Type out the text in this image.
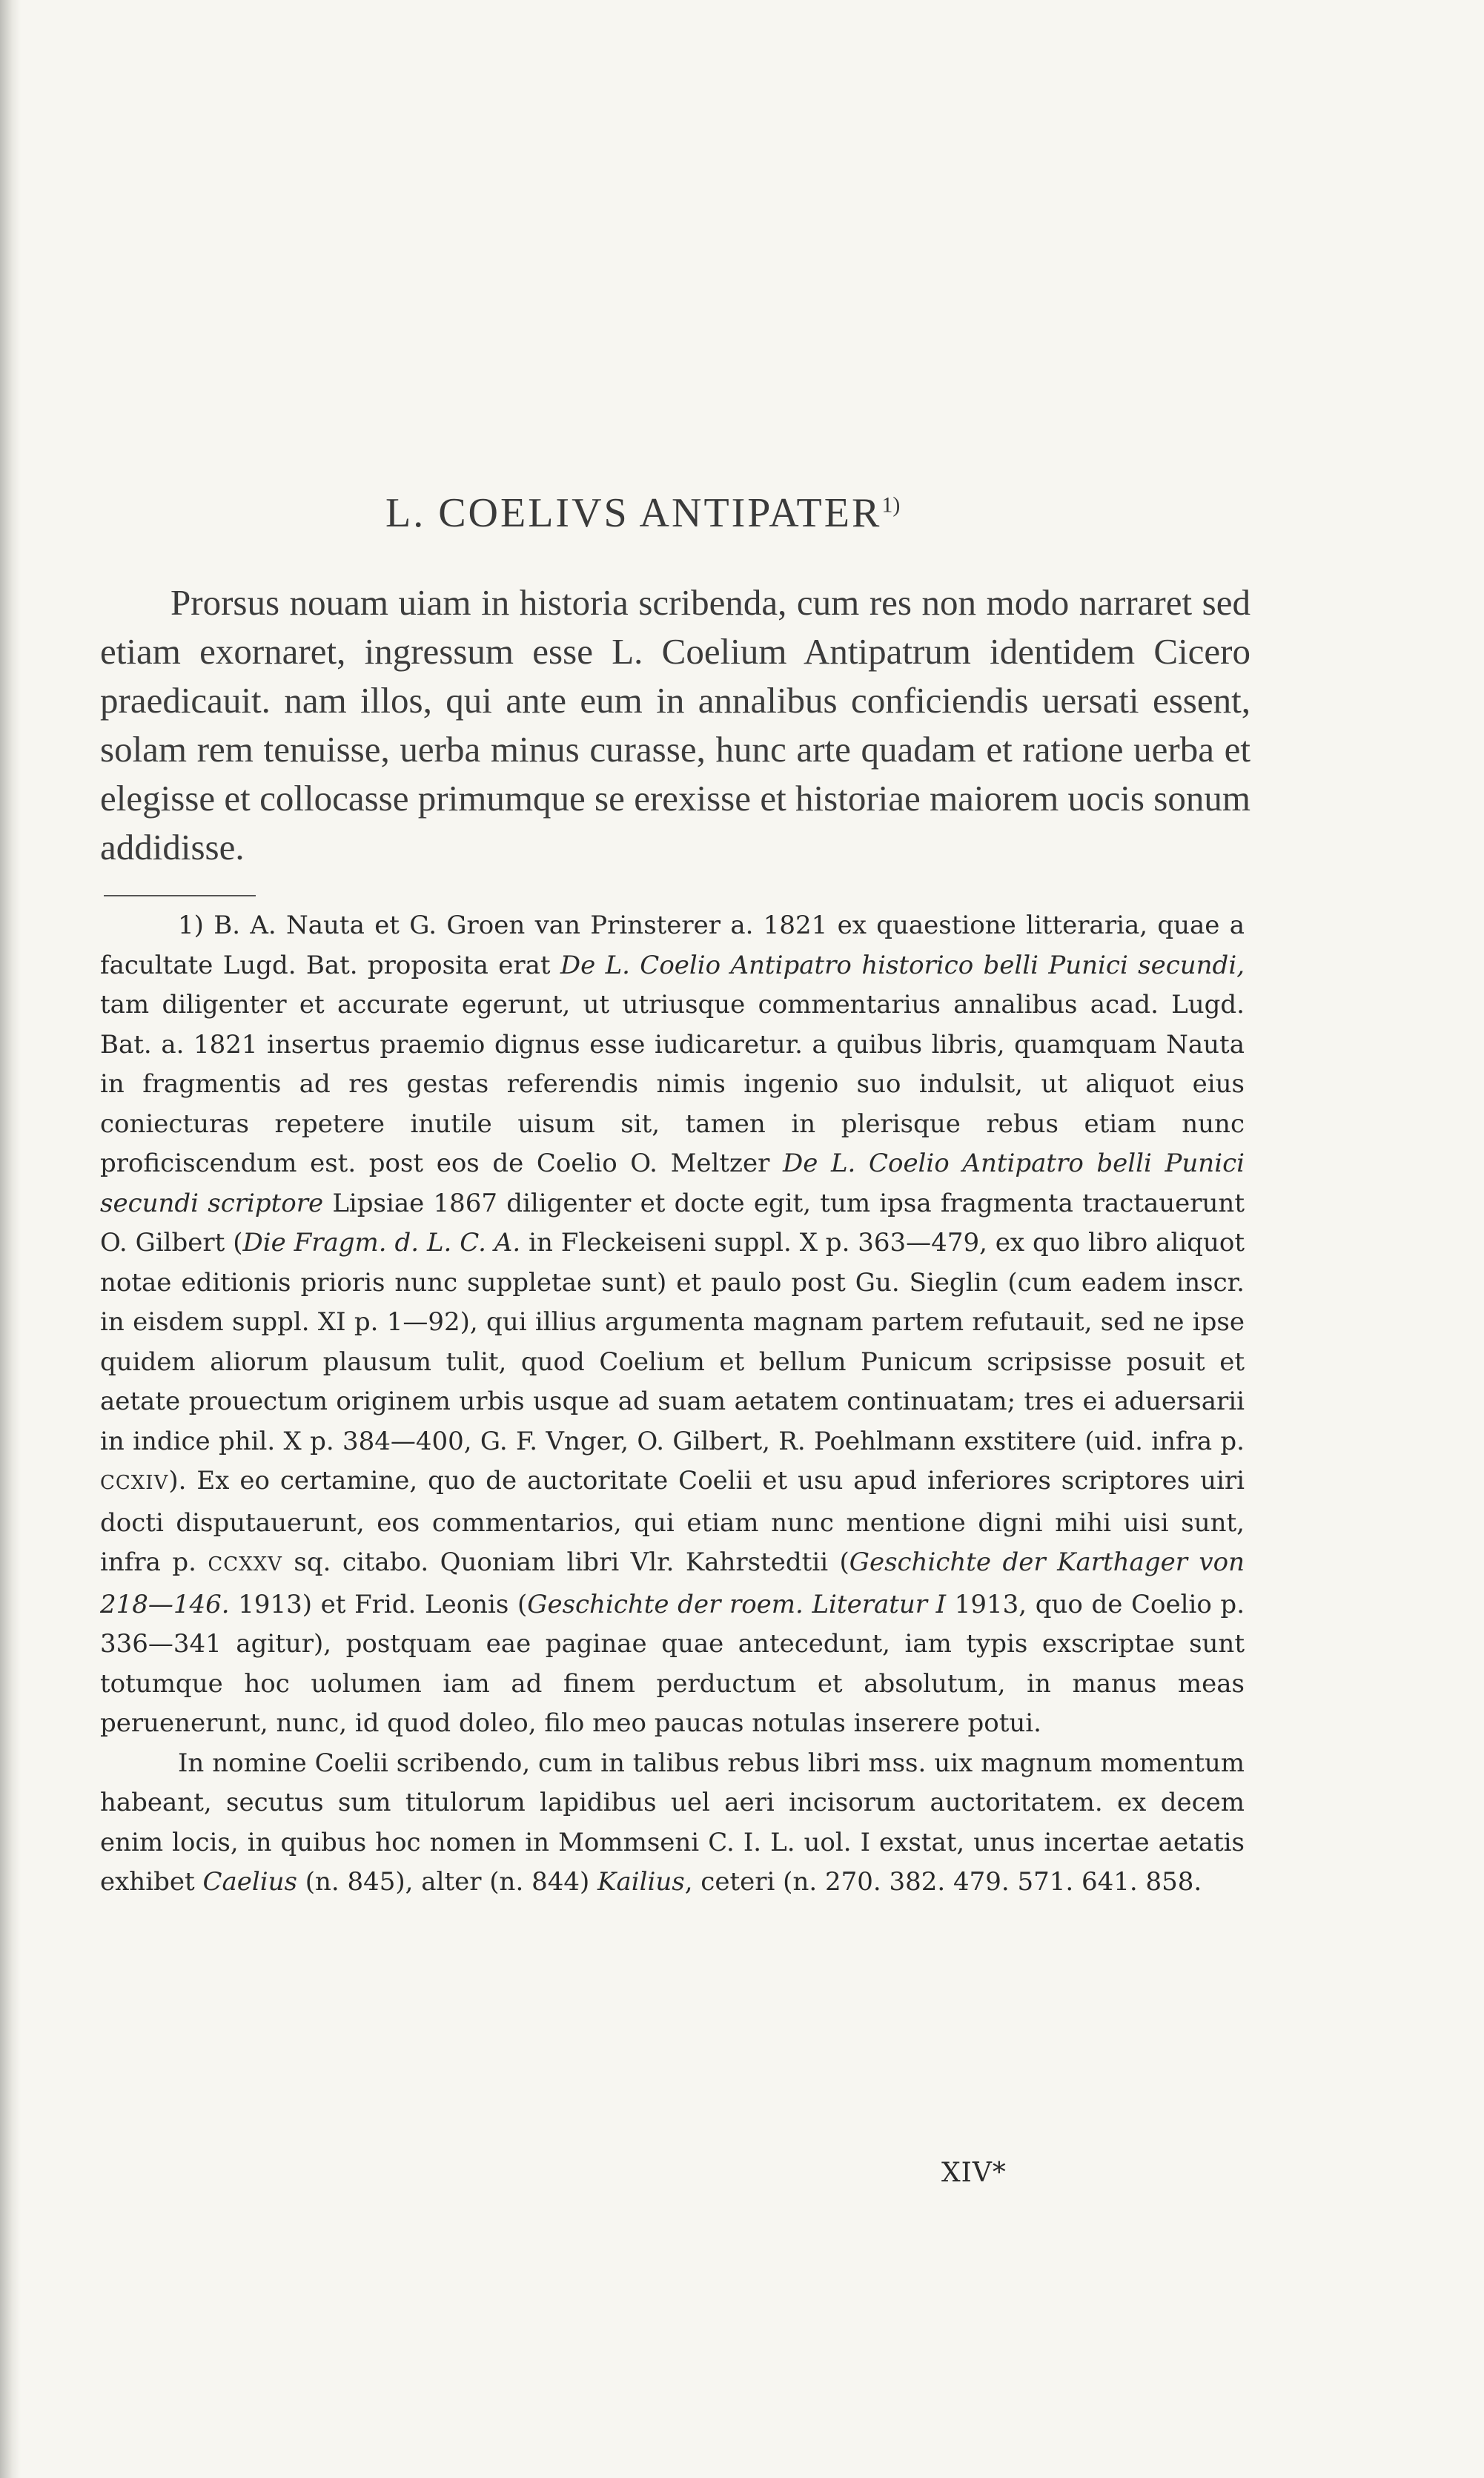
L. COELIVS ANTIPATER$^{1)}$

Prorsus nouam uiam in historia scribenda, cum res non modo narraret sed etiam exornaret, ingressum esse L. Coelium Antipatrum identidem Cicero praedicauit. nam illos, qui ante eum in annalibus conficiendis uersati essent, solam rem tenuisse, uerba minus curasse, hunc arte quadam et ratione uerba et elegisse et collocasse primumque se erexisse et historiae maiorem uocis sonum addidisse.

1) B. A. Nauta et G. Groen van Prinsterer a. 1821 ex quaestione litteraria, quae a facultate Lugd. Bat. proposita erat De L. Coelio Antipatro historico belli Punici secundi, tam diligenter et accurate egerunt, ut utriusque commentarius annalibus acad. Lugd. Bat. a. 1821 insertus praemio dignus esse iudicaretur. a quibus libris, quamquam Nauta in fragmentis ad res gestas referendis nimis ingenio suo indulsit, ut aliquot eius coniecturas repetere inutile uisum sit, tamen in plerisque rebus etiam nunc proficiscendum est. post eos de Coelio O. Meltzer De L. Coelio Antipatro belli Punici secundi scriptore Lipsiae 1867 diligenter et docte egit, tum ipsa fragmenta tractauerunt O. Gilbert (Die Fragm. d. L. C. A. in Fleckeiseni suppl. X p. 363—479, ex quo libro aliquot notae editionis prioris nunc suppletae sunt) et paulo post Gu. Sieglin (cum eadem inscr. in eisdem suppl. XI p. 1—92), qui illius argumenta magnam partem refutauit, sed ne ipse quidem aliorum plausum tulit, quod Coelium et bellum Punicum scripsisse posuit et aetate prouectum originem urbis usque ad suam aetatem continuatam; tres ei aduersarii in indice phil. X p. 384—400, G. F. Vnger, O. Gilbert, R. Poehlmann exstitere (uid. infra p. CCXIV). Ex eo certamine, quo de auctoritate Coelii et usu apud inferiores scriptores uiri docti disputauerunt, eos commentarios, qui etiam nunc mentione digni mihi uisi sunt, infra p. CCXXV sq. citabo. Quoniam libri Vlr. Kahrstedtii (Geschichte der Karthager von 218—146. 1913) et Frid. Leonis (Geschichte der roem. Literatur I 1913, quo de Coelio p. 336—341 agitur), postquam eae paginae quae antecedunt, iam typis exscriptae sunt totumque hoc uolumen iam ad finem perductum et absolutum, in manus meas peruenerunt, nunc, id quod doleo, filo meo paucas notulas inserere potui.

In nomine Coelii scribendo, cum in talibus rebus libri mss. uix magnum momentum habeant, secutus sum titulorum lapidibus uel aeri incisorum auctoritatem. ex decem enim locis, in quibus hoc nomen in Mommseni C. I. L. uol. I exstat, unus incertae aetatis exhibet Caelius (n. 845), alter (n. 844) Kailius, ceteri (n. 270. 382. 479. 571. 641. 858.

XIV*
